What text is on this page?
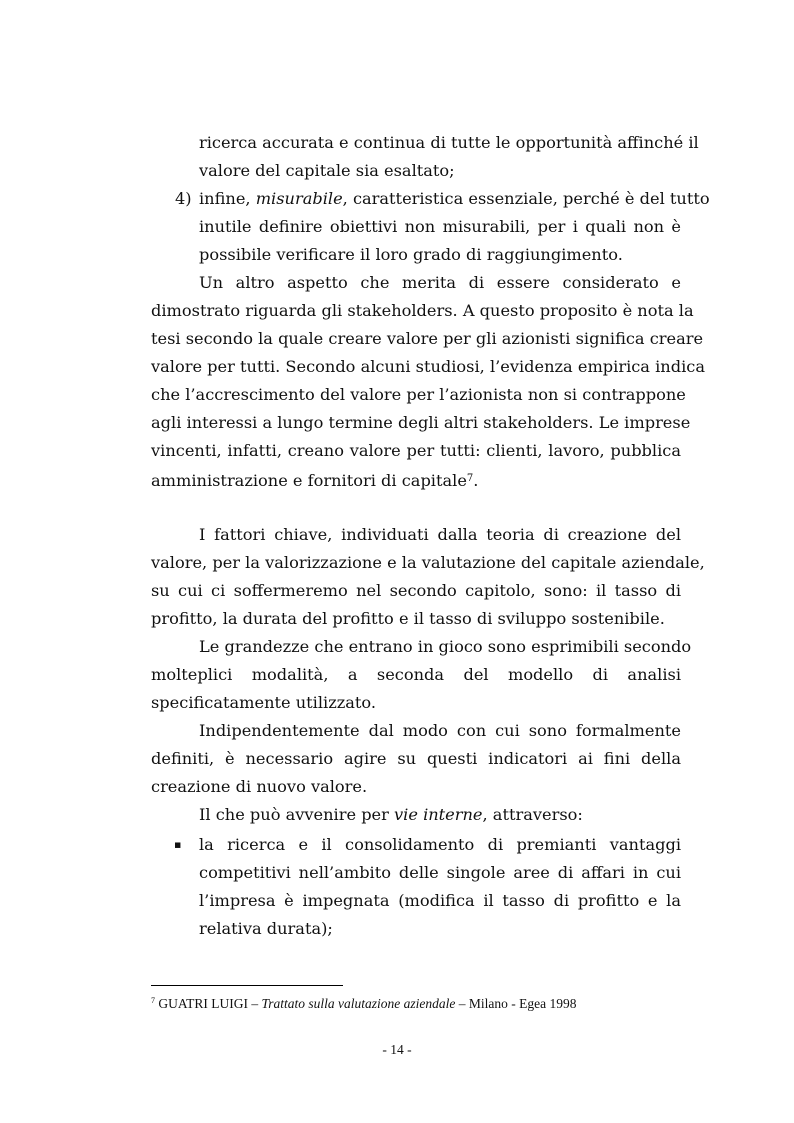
ricerca accurata e continua di tutte le opportunità affinché il
valore del capitale sia esaltato;
4) infine, misurabile, caratteristica essenziale, perché è del tutto
inutile definire obiettivi non misurabili, per i quali non è
possibile verificare il loro grado di raggiungimento.
Un altro aspetto che merita di essere considerato e
dimostrato riguarda gli stakeholders. A questo proposito è nota la
tesi secondo la quale creare valore per gli azionisti significa creare
valore per tutti. Secondo alcuni studiosi, l’evidenza empirica indica
che l’accrescimento del valore per l’azionista non si contrappone
agli interessi a lungo termine degli altri stakeholders. Le imprese
vincenti, infatti, creano valore per tutti: clienti, lavoro, pubblica
amministrazione e fornitori di capitale$^7$.
I fattori chiave, individuati dalla teoria di creazione del
valore, per la valorizzazione e la valutazione del capitale aziendale,
su cui ci soffermeremo nel secondo capitolo, sono: il tasso di
profitto, la durata del profitto e il tasso di sviluppo sostenibile.
Le grandezze che entrano in gioco sono esprimibili secondo
molteplici modalità, a seconda del modello di analisi
specificatamente utilizzato.
Indipendentemente dal modo con cui sono formalmente
definiti, è necessario agire su questi indicatori ai fini della
creazione di nuovo valore.
Il che può avvenire per vie interne, attraverso:
▪ la ricerca e il consolidamento di premianti vantaggi
competitivi nell’ambito delle singole aree di affari in cui
l’impresa è impegnata (modifica il tasso di profitto e la
relativa durata);
$^7$ GUATRI LUIGI – Trattato sulla valutazione aziendale – Milano - Egea 1998
- 14 -
